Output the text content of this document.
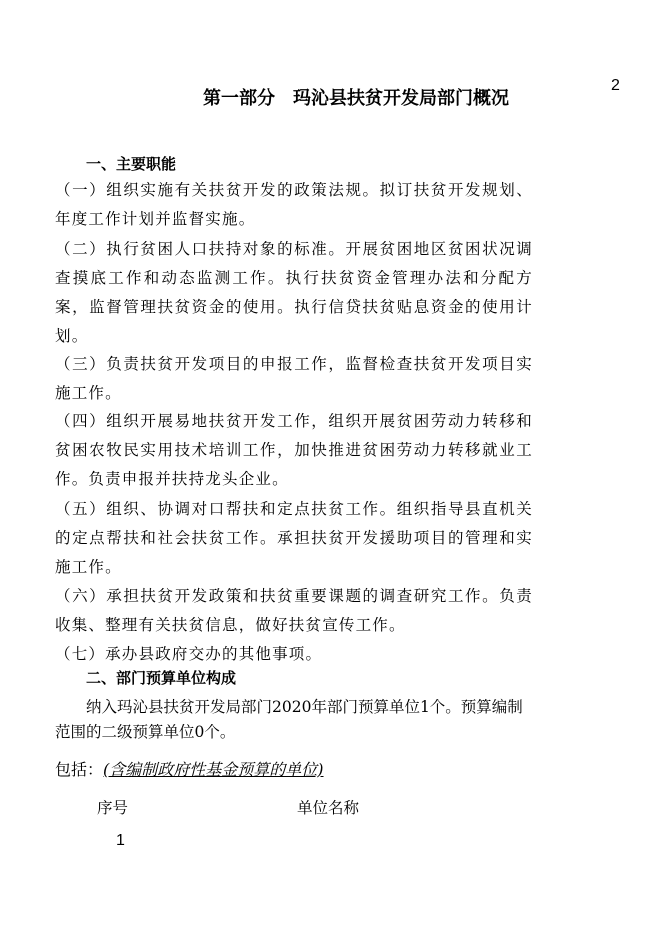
2
第一部分　玛沁县扶贫开发局部门概况
一、主要职能
（一）组织实施有关扶贫开发的政策法规。拟订扶贫开发规划、年度工作计划并监督实施。
（二）执行贫困人口扶持对象的标准。开展贫困地区贫困状况调查摸底工作和动态监测工作。执行扶贫资金管理办法和分配方案，监督管理扶贫资金的使用。执行信贷扶贫贴息资金的使用计划。
（三）负责扶贫开发项目的申报工作，监督检查扶贫开发项目实施工作。
（四）组织开展易地扶贫开发工作，组织开展贫困劳动力转移和贫困农牧民实用技术培训工作，加快推进贫困劳动力转移就业工作。负责申报并扶持龙头企业。
（五）组织、协调对口帮扶和定点扶贫工作。组织指导县直机关的定点帮扶和社会扶贫工作。承担扶贫开发援助项目的管理和实施工作。
（六）承担扶贫开发政策和扶贫重要课题的调查研究工作。负责收集、整理有关扶贫信息，做好扶贫宣传工作。
（七）承办县政府交办的其他事项。
二、部门预算单位构成
纳入玛沁县扶贫开发局部门2020年部门预算单位1个。预算编制范围的二级预算单位0个。
包括：(含编制政府性基金预算的单位)
序号	单位名称
1
